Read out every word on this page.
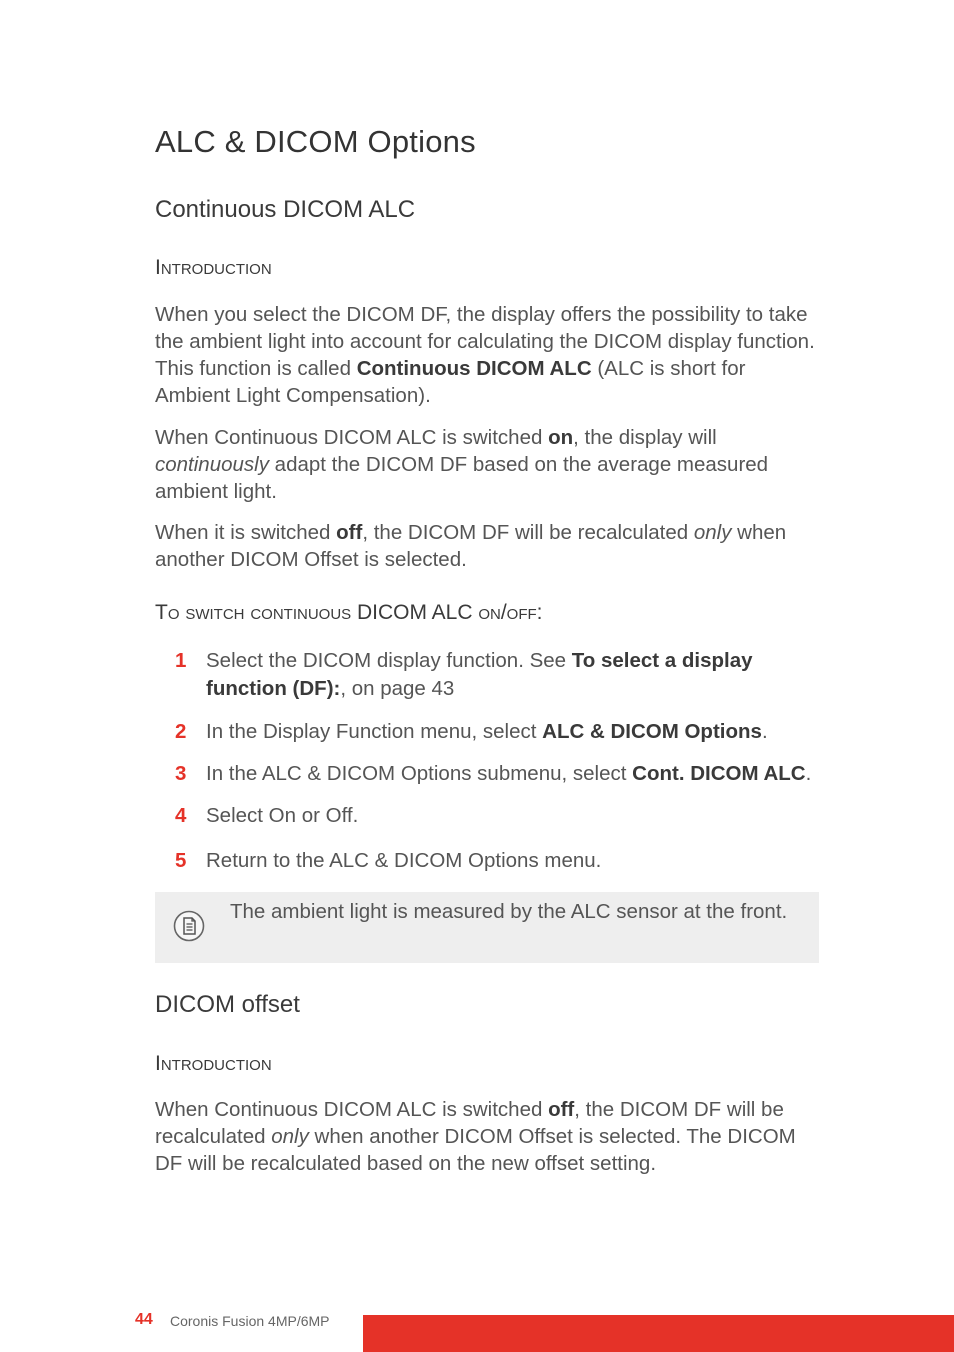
ALC & DICOM Options
Continuous DICOM ALC
Introduction

When you select the DICOM DF, the display offers the possibility to take the ambient light into account for calculating the DICOM display function. This function is called Continuous DICOM ALC (ALC is short for Ambient Light Compensation).

When Continuous DICOM ALC is switched on, the display will continuously adapt the DICOM DF based on the average measured ambient light.

When it is switched off, the DICOM DF will be recalculated only when another DICOM Offset is selected.

To switch continuous DICOM ALC on/off:
1 Select the DICOM display function. See To select a display function (DF):, on page 43
2 In the Display Function menu, select ALC & DICOM Options.
3 In the ALC & DICOM Options submenu, select Cont. DICOM ALC.
4 Select On or Off.
5 Return to the ALC & DICOM Options menu.
The ambient light is measured by the ALC sensor at the front.
DICOM offset
Introduction

When Continuous DICOM ALC is switched off, the DICOM DF will be recalculated only when another DICOM Offset is selected. The DICOM DF will be recalculated based on the new offset setting.

44 Coronis Fusion 4MP/6MP
